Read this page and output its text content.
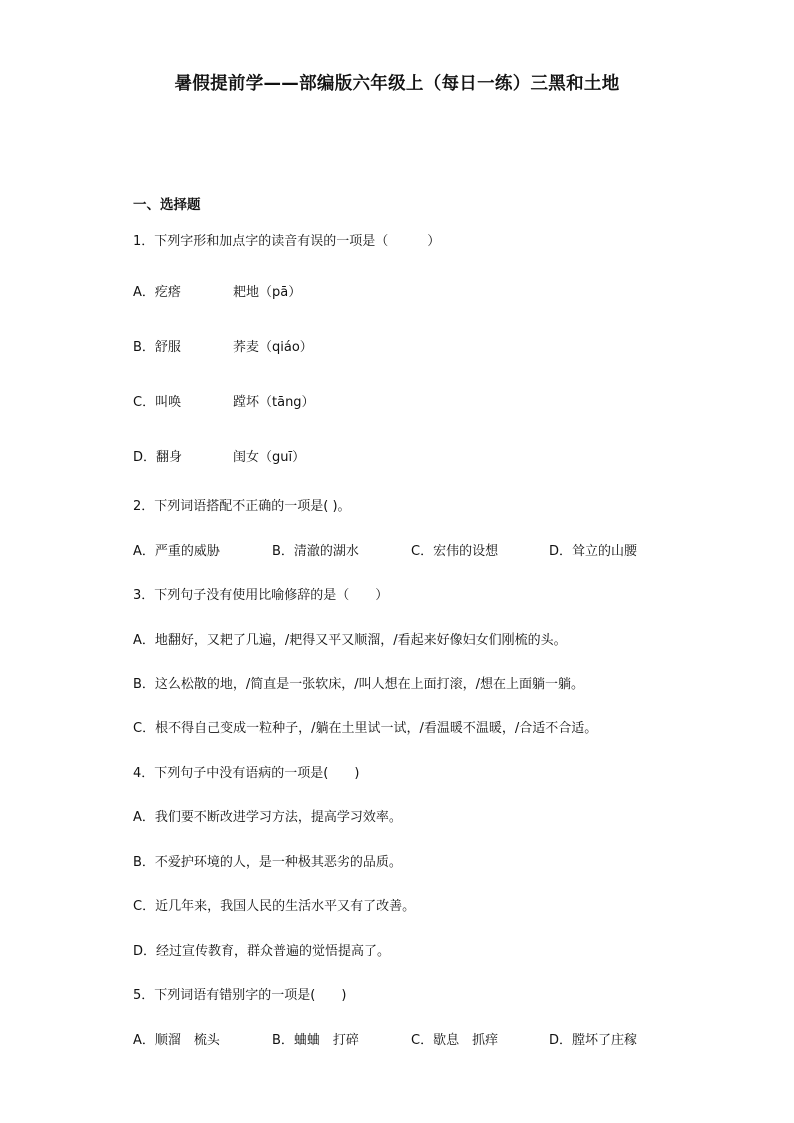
暑假提前学——部编版六年级上（每日一练）三黑和土地
一、选择题
1．下列字形和加点字的读音有误的一项是（　　　）
A．疙瘩	耙地（pā）
B．舒服	荞麦（qiáo）
C．叫唤	蹚坏（tāng）
D．翻身	闺女（guī）
2．下列词语搭配不正确的一项是( )。
A．严重的威胁	B．清澈的湖水	C．宏伟的设想	D．耸立的山腰
3．下列句子没有使用比喻修辞的是（　　）
A．地翻好，又耙了几遍，/耙得又平又顺溜，/看起来好像妇女们刚梳的头。
B．这么松散的地，/简直是一张软床，/叫人想在上面打滚，/想在上面躺一躺。
C．根不得自己变成一粒种子，/躺在土里试一试，/看温暖不温暖，/合适不合适。
4．下列句子中没有语病的一项是(　　)
A．我们要不断改进学习方法，提高学习效率。
B．不爱护环境的人，是一种极其恶劣的品质。
C．近几年来，我国人民的生活水平又有了改善。
D．经过宣传教育，群众普遍的觉悟提高了。
5．下列词语有错别字的一项是(　　)
A．顺溜　梳头	B．蛐蛐　打碎	C．歇息　抓痒	D．膛坏了庄稼
